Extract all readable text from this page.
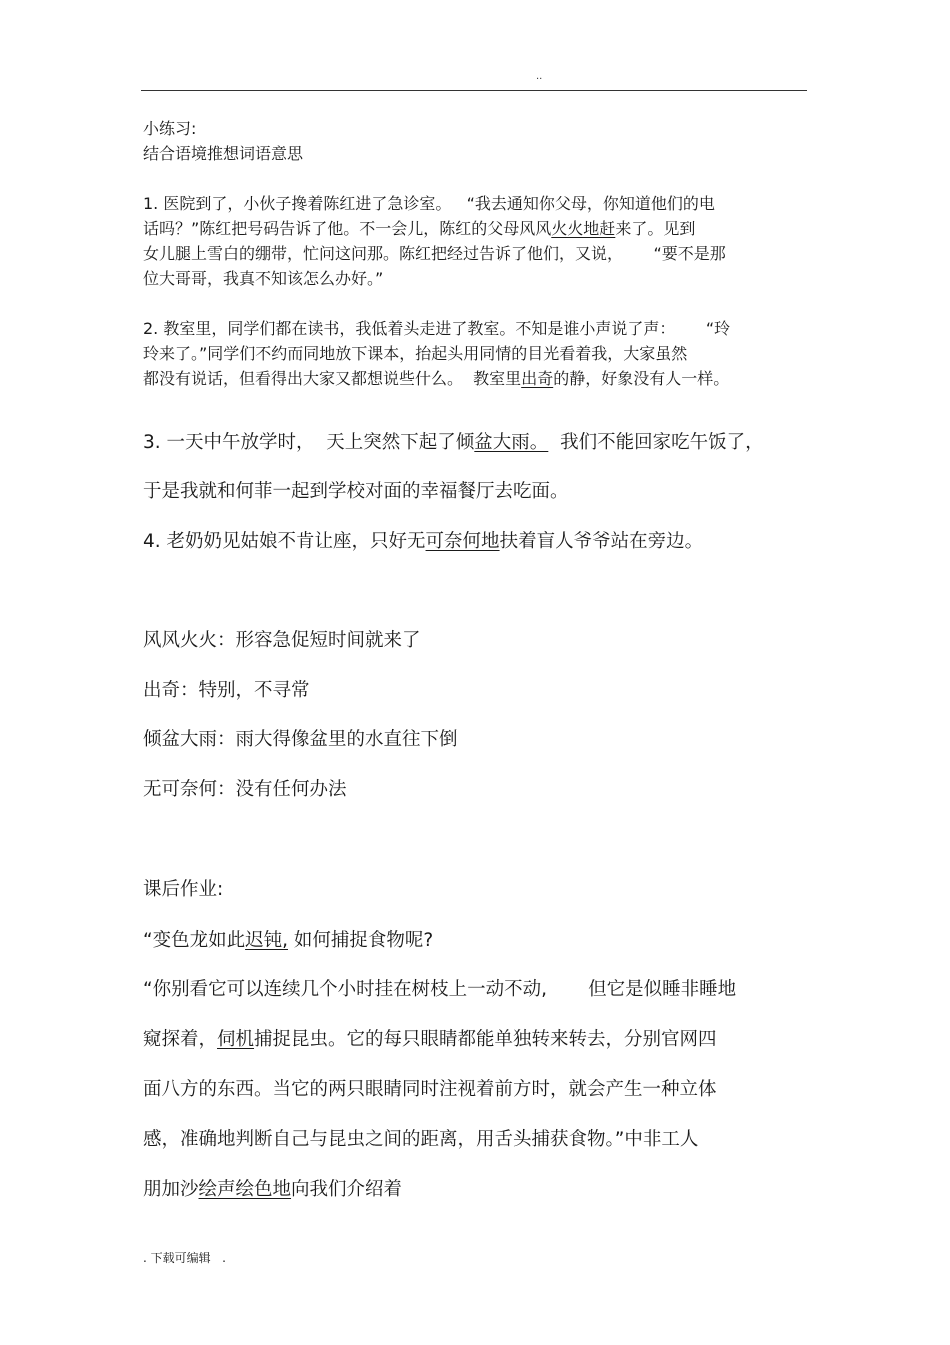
..
小练习:
结合语境推想词语意思
1. 医院到了，小伙子搀着陈红进了急诊室。   “我去通知你父母，你知道他们的电
话吗？”陈红把号码告诉了他。不一会儿，陈红的父母风风火火地赶来了。见到
女儿腿上雪白的绷带，忙问这问那。陈红把经过告诉了他们，又说，      “要不是那
位大哥哥，我真不知该怎么办好。”
2. 教室里，同学们都在读书，我低着头走进了教室。不知是谁小声说了声：      “玲
玲来了。”同学们不约而同地放下课本，抬起头用同情的目光看着我，大家虽然
都没有说话，但看得出大家又都想说些什么。  教室里出奇的静，好象没有人一样。
3. 一天中午放学时，  天上突然下起了倾盆大雨。  我们不能回家吃午饭了，
于是我就和何菲一起到学校对面的幸福餐厅去吃面。
4. 老奶奶见姑娘不肯让座，只好无可奈何地扶着盲人爷爷站在旁边。
风风火火：形容急促短时间就来了
出奇：特别，不寻常
倾盆大雨：雨大得像盆里的水直往下倒
无可奈何：没有任何办法
课后作业:
“变色龙如此迟钝, 如何捕捉食物呢?
“你别看它可以连续几个小时挂在树枝上一动不动,       但它是似睡非睡地
窥探着，伺机捕捉昆虫。它的每只眼睛都能单独转来转去，分别官网四
面八方的东西。当它的两只眼睛同时注视着前方时，就会产生一种立体
感，准确地判断自己与昆虫之间的距离，用舌头捕获食物。”中非工人
朋加沙绘声绘色地向我们介绍着
. 下载可编辑   .
